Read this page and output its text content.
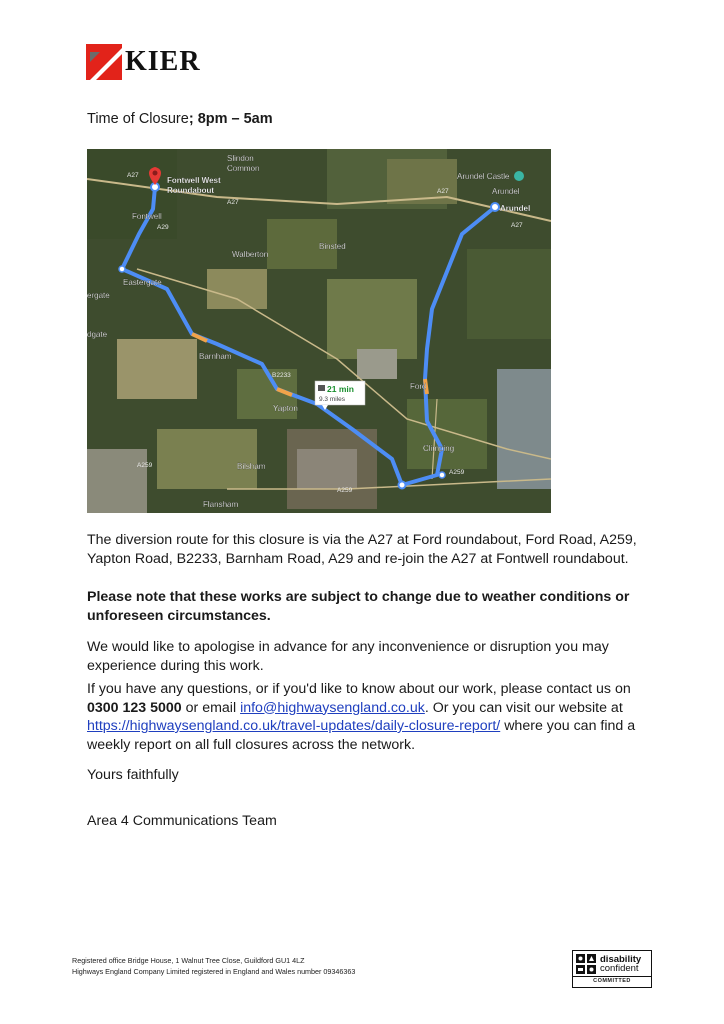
KIER
Time of Closure; 8pm – 5am
21 min
9.3 miles
Slindon
Fontwell West Roundabout
Fontwell
Eastergate
ergate
dgate
Walberton
Binsted
Barnham
Yapton
Ford
Climping
Bilsham
Flansham
Arundel Castle
Arundel
Arundel
Common
A27
A27
A27
A27
A29
A259
A259
A259
B2233

The diversion route for this closure is via the A27 at Ford roundabout, Ford Road, A259, Yapton Road, B2233, Barnham Road, A29 and re-join the A27 at Fontwell roundabout.

Please note that these works are subject to change due to weather conditions or unforeseen circumstances.

We would like to apologise in advance for any inconvenience or disruption you may experience during this work.

If you have any questions, or if you'd like to know about our work, please contact us on 0300 123 5000 or email info@highwaysengland.co.uk. Or you can visit our website at https://highwaysengland.co.uk/travel-updates/daily-closure-report/ where you can find a weekly report on all full closures across the network.

Yours faithfully

Area 4 Communications Team

Registered office Bridge House, 1 Walnut Tree Close, Guildford GU1 4LZ
Highways England Company Limited registered in England and Wales number 09346363
disability
confident
COMMITTED
